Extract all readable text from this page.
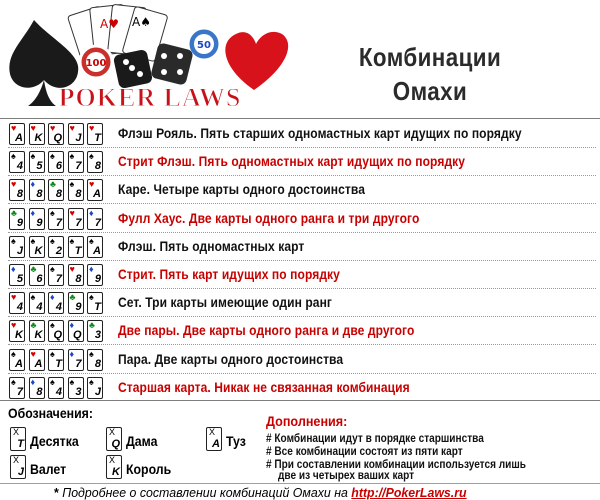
A♥ A♠
100
50
POKER LAWS
Комбинации
Омахи
♥
A
♥
K
♥
Q
♥
J
♥
T Флэш Рояль. Пять старших одномастных карт идущих по порядку
♠
4
♠
5
♠
6
♠
7
♠
8 Стрит Флэш. Пять одномастных карт идущих по порядку
♥
8
♦
8
♣
8
♠
8
♥
A Каре. Четыре карты одного достоинства
♣
9
♦
9
♠
7
♥
7
♦
7 Фулл Хаус. Две карты одного ранга и три другого
♠
J
♠
K
♠
2
♠
T
♠
A Флэш. Пять одномастных карт
♦
5
♣
6
♠
7
♥
8
♦
9 Стрит. Пять карт идущих по порядку
♥
4
♠
4
♦
4
♣
9
♠
T Сет. Три карты имеющие один ранг
♥
K
♣
K
♠
Q
♦
Q
♣
3 Две пары. Две карты одного ранга и две другого
♠
A
♥
A
♠
T
♦
7
♠
8 Пара. Две карты одного достоинства
♠
7
♦
8
♠
4
♠
3
♠
J Старшая карта. Никак не связанная комбинация
Обозначения:
X
T Десятка
X
Q Дама
X
A Туз
X
J Валет
X
K Король
Дополнения:
# Комбинации идут в порядке старшинства
# Все комбинации состоят из пяти карт
# При составлении комбинации используется лишь
две из четырех ваших карт
* Подробнее о составлении комбинаций Омахи на http://PokerLaws.ru
